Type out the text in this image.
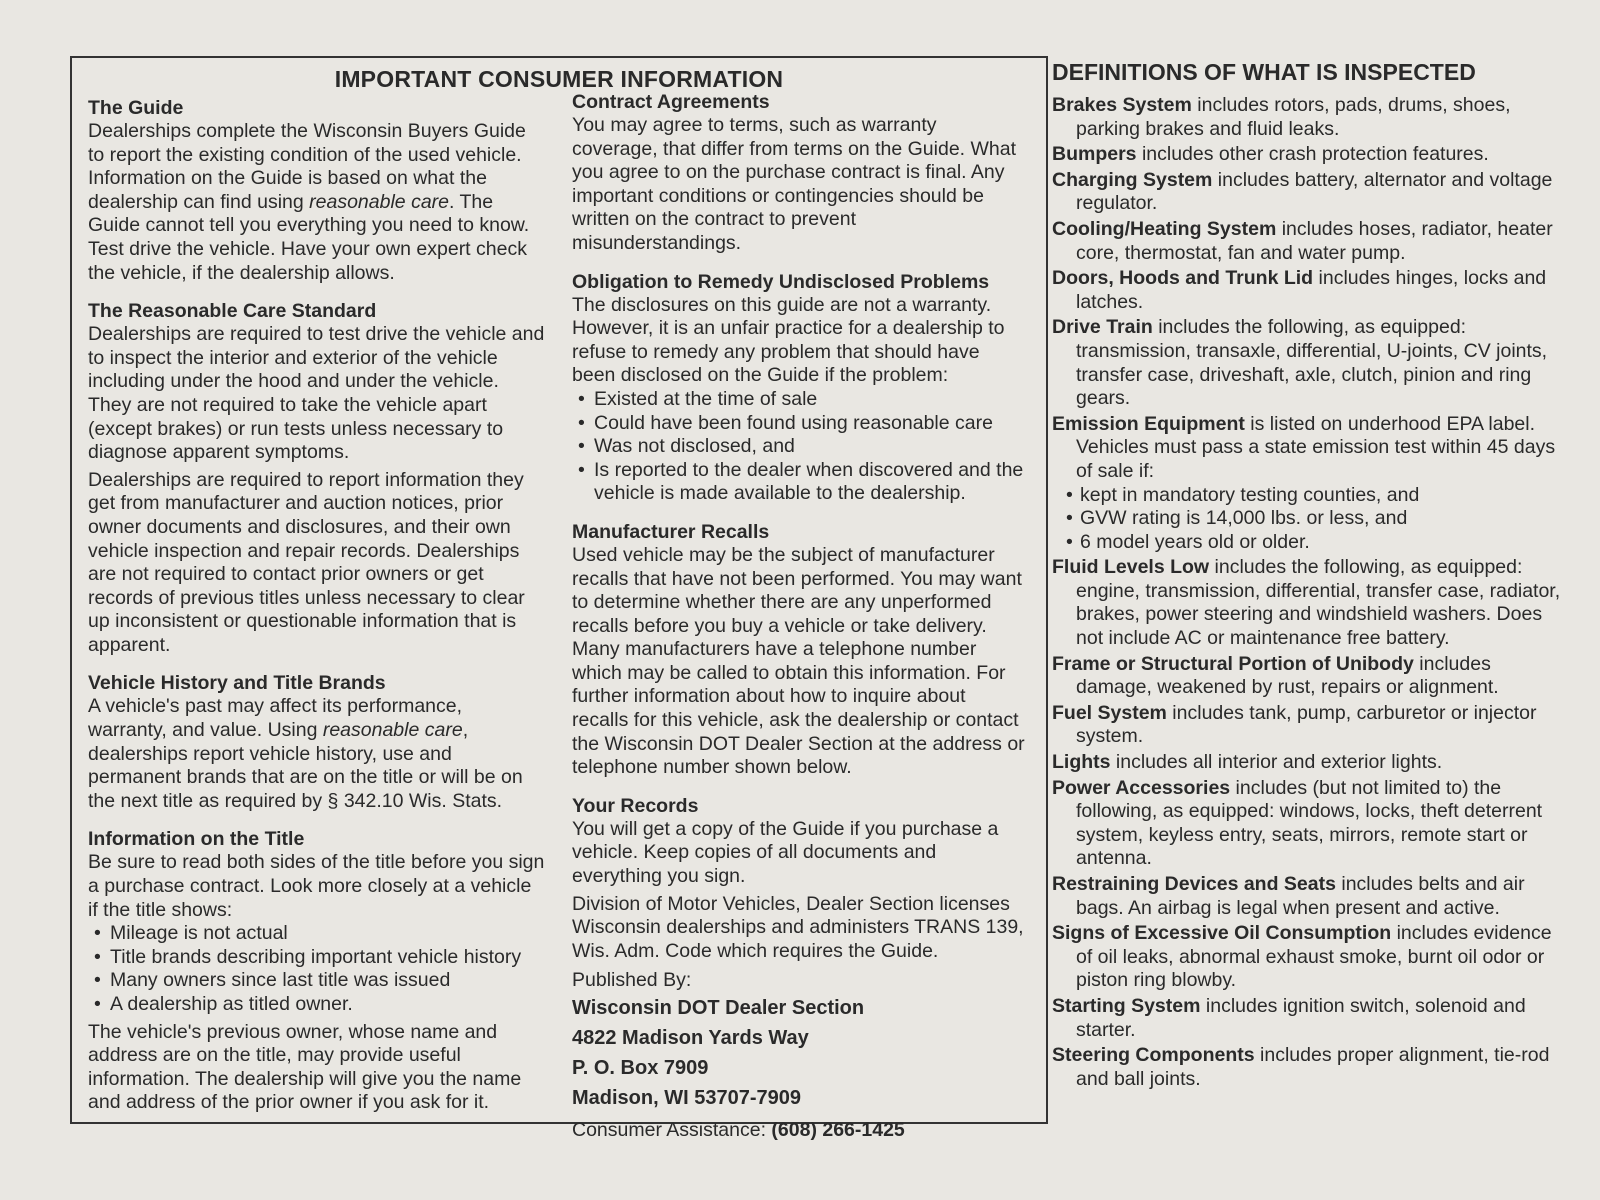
IMPORTANT CONSUMER INFORMATION
The Guide

Dealerships complete the Wisconsin Buyers Guide to report the existing condition of the used vehicle. Information on the Guide is based on what the dealership can find using reasonable care. The Guide cannot tell you everything you need to know. Test drive the vehicle. Have your own expert check the vehicle, if the dealership allows.

The Reasonable Care Standard

Dealerships are required to test drive the vehicle and to inspect the interior and exterior of the vehicle including under the hood and under the vehicle. They are not required to take the vehicle apart (except brakes) or run tests unless necessary to diagnose apparent symptoms.

Dealerships are required to report information they get from manufacturer and auction notices, prior owner documents and disclosures, and their own vehicle inspection and repair records. Dealerships are not required to contact prior owners or get records of previous titles unless necessary to clear up inconsistent or questionable information that is apparent.

Vehicle History and Title Brands

A vehicle's past may affect its performance, warranty, and value. Using reasonable care, dealerships report vehicle history, use and permanent brands that are on the title or will be on the next title as required by § 342.10 Wis. Stats.

Information on the Title

Be sure to read both sides of the title before you sign a purchase contract. Look more closely at a vehicle if the title shows:

• Mileage is not actual
• Title brands describing important vehicle history
• Many owners since last title was issued
• A dealership as titled owner.

The vehicle's previous owner, whose name and address are on the title, may provide useful information. The dealership will give you the name and address of the prior owner if you ask for it.

Contract Agreements

You may agree to terms, such as warranty coverage, that differ from terms on the Guide. What you agree to on the purchase contract is final. Any important conditions or contingencies should be written on the contract to prevent misunderstandings.

Obligation to Remedy Undisclosed Problems

The disclosures on this guide are not a warranty. However, it is an unfair practice for a dealership to refuse to remedy any problem that should have been disclosed on the Guide if the problem:

• Existed at the time of sale
• Could have been found using reasonable care
• Was not disclosed, and
• Is reported to the dealer when discovered and the vehicle is made available to the dealership.
Manufacturer Recalls

Used vehicle may be the subject of manufacturer recalls that have not been performed. You may want to determine whether there are any unperformed recalls before you buy a vehicle or take delivery. Many manufacturers have a telephone number which may be called to obtain this information. For further information about how to inquire about recalls for this vehicle, ask the dealership or contact the Wisconsin DOT Dealer Section at the address or telephone number shown below.

Your Records

You will get a copy of the Guide if you purchase a vehicle. Keep copies of all documents and everything you sign.

Division of Motor Vehicles, Dealer Section licenses Wisconsin dealerships and administers TRANS 139, Wis. Adm. Code which requires the Guide.

Published By:

Wisconsin DOT Dealer Section

4822 Madison Yards Way

P. O. Box 7909

Madison, WI 53707-7909

Consumer Assistance: (608) 266-1425

DEFINITIONS OF WHAT IS INSPECTED

Brakes System includes rotors, pads, drums, shoes, parking brakes and fluid leaks.

Bumpers includes other crash protection features.

Charging System includes battery, alternator and voltage regulator.

Cooling/Heating System includes hoses, radiator, heater core, thermostat, fan and water pump.

Doors, Hoods and Trunk Lid includes hinges, locks and latches.

Drive Train includes the following, as equipped: transmission, transaxle, differential, U-joints, CV joints, transfer case, driveshaft, axle, clutch, pinion and ring gears.

Emission Equipment is listed on underhood EPA label. Vehicles must pass a state emission test within 45 days of sale if:

• kept in mandatory testing counties, and
• GVW rating is 14,000 lbs. or less, and
• 6 model years old or older.

Fluid Levels Low includes the following, as equipped: engine, transmission, differential, transfer case, radiator, brakes, power steering and windshield washers. Does not include AC or maintenance free battery.

Frame or Structural Portion of Unibody includes damage, weakened by rust, repairs or alignment.

Fuel System includes tank, pump, carburetor or injector system.

Lights includes all interior and exterior lights.

Power Accessories includes (but not limited to) the following, as equipped: windows, locks, theft deterrent system, keyless entry, seats, mirrors, remote start or antenna.

Restraining Devices and Seats includes belts and air bags. An airbag is legal when present and active.

Signs of Excessive Oil Consumption includes evidence of oil leaks, abnormal exhaust smoke, burnt oil odor or piston ring blowby.

Starting System includes ignition switch, solenoid and starter.

Steering Components includes proper alignment, tie-rod and ball joints.
